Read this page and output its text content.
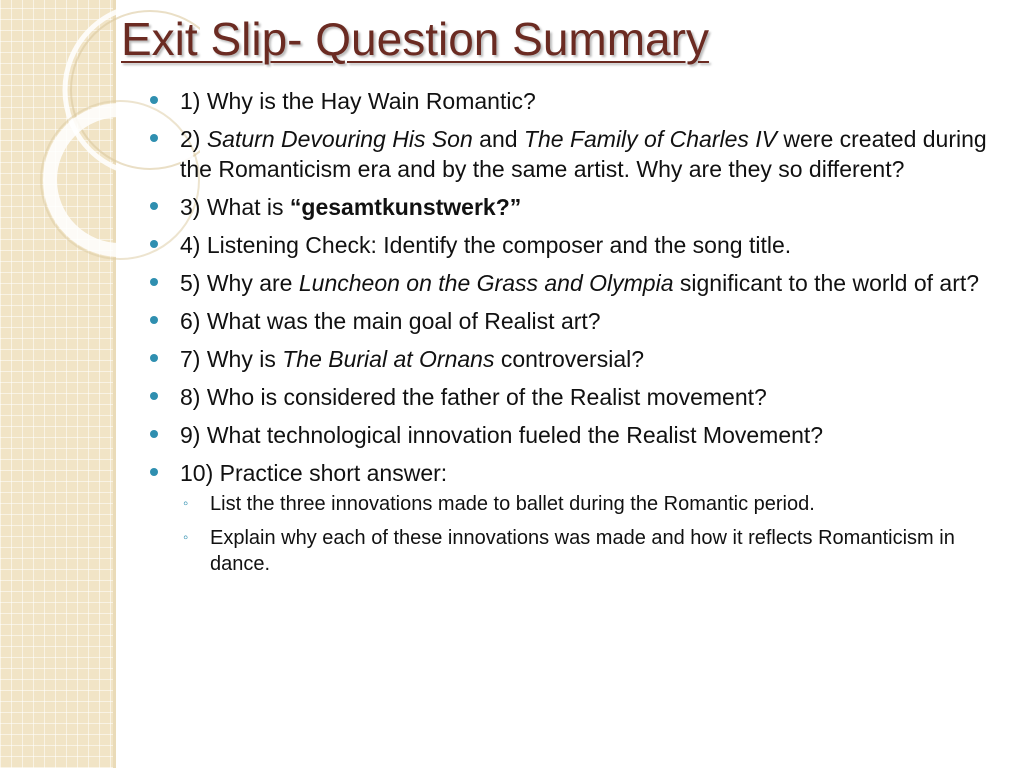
Exit Slip- Question Summary
1) Why is the Hay Wain Romantic?
2) Saturn Devouring His Son and The Family of Charles IV were created during the Romanticism era and by the same artist. Why are they so different?
3) What is “gesamtkunstwerk?”
4) Listening Check: Identify the composer and the song title.
5) Why are Luncheon on the Grass and Olympia significant to the world of art?
6) What was the main goal of Realist art?
7) Why is The Burial at Ornans controversial?
8) Who is considered the father of the Realist movement?
9) What technological innovation fueled the Realist Movement?
10) Practice short answer:
◦ List the three innovations made to ballet during the Romantic period.
◦ Explain why each of these innovations was made and how it reflects Romanticism in dance.
